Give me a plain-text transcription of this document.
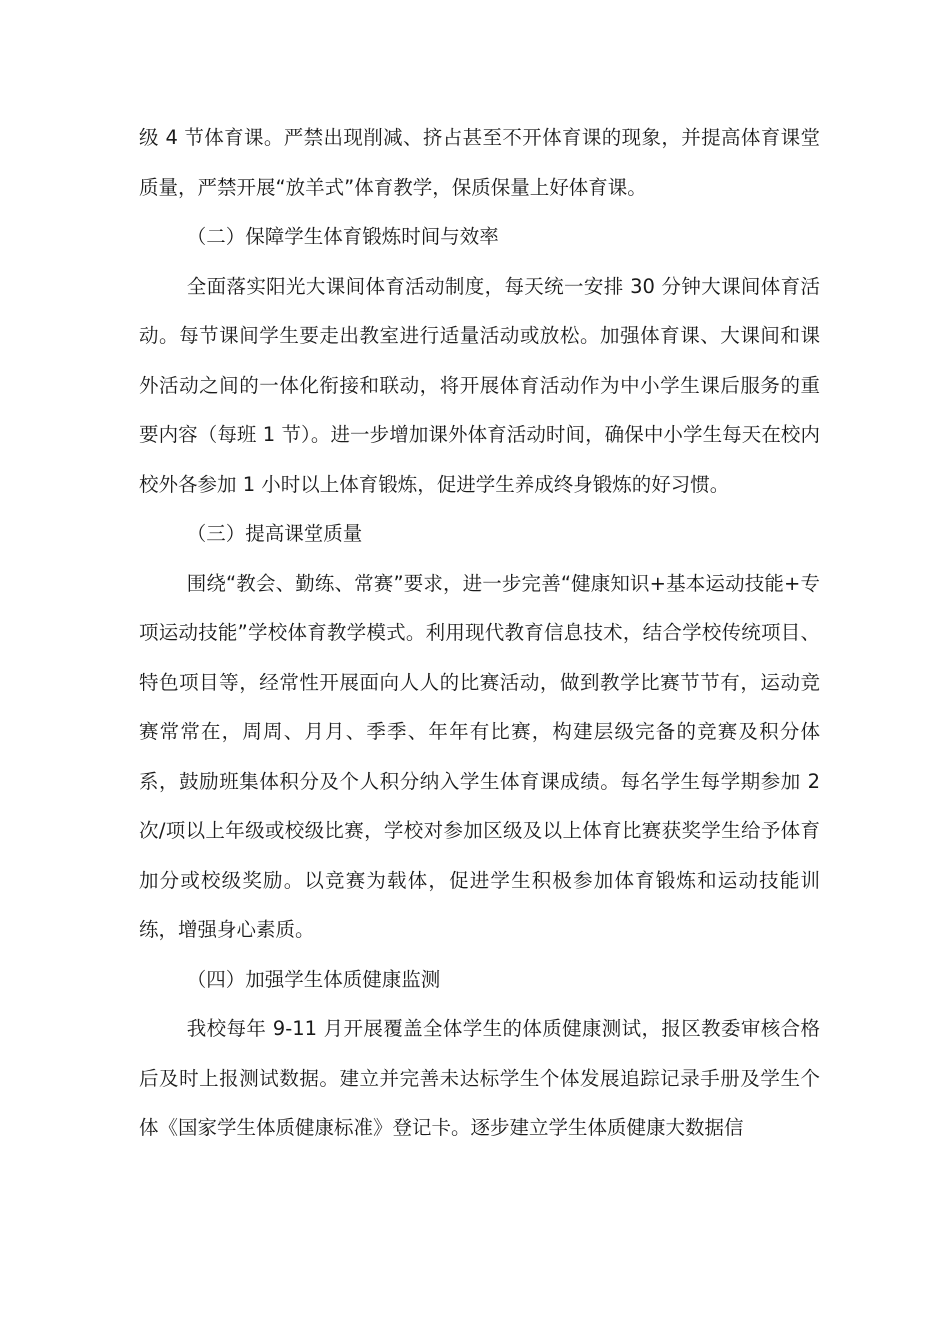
级 4 节体育课。严禁出现削减、挤占甚至不开体育课的现象，并提高体育课堂质量，严禁开展“放羊式”体育教学，保质保量上好体育课。

（二）保障学生体育锻炼时间与效率

全面落实阳光大课间体育活动制度，每天统一安排 30 分钟大课间体育活动。每节课间学生要走出教室进行适量活动或放松。加强体育课、大课间和课外活动之间的一体化衔接和联动，将开展体育活动作为中小学生课后服务的重要内容（每班 1 节）。进一步增加课外体育活动时间，确保中小学生每天在校内校外各参加 1 小时以上体育锻炼，促进学生养成终身锻炼的好习惯。

（三）提高课堂质量

围绕“教会、勤练、常赛”要求，进一步完善“健康知识+基本运动技能+专项运动技能”学校体育教学模式。利用现代教育信息技术，结合学校传统项目、特色项目等，经常性开展面向人人的比赛活动，做到教学比赛节节有，运动竞赛常常在，周周、月月、季季、年年有比赛，构建层级完备的竞赛及积分体系，鼓励班集体积分及个人积分纳入学生体育课成绩。每名学生每学期参加 2 次/项以上年级或校级比赛，学校对参加区级及以上体育比赛获奖学生给予体育加分或校级奖励。以竞赛为载体，促进学生积极参加体育锻炼和运动技能训练，增强身心素质。

（四）加强学生体质健康监测

我校每年 9-11 月开展覆盖全体学生的体质健康测试，报区教委审核合格后及时上报测试数据。建立并完善未达标学生个体发展追踪记录手册及学生个体《国家学生体质健康标准》登记卡。逐步建立学生体质健康大数据信
